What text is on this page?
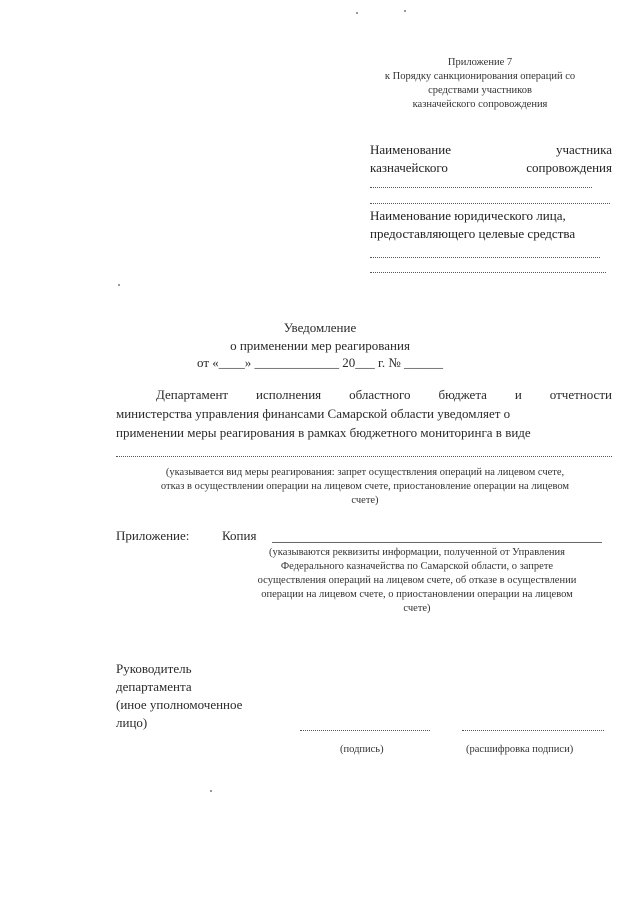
Приложение 7
к Порядку санкционирования операций со
средствами участников
казначейского сопровождения
Наименование	участника
казначейского	сопровождения
Наименование юридического лица,
предоставляющего целевые средства
Уведомление
о применении мер реагирования
от «____» _____________ 20___ г. № ______
Департамент исполнения областного бюджета и отчетности
министерства управления финансами Самарской области уведомляет о
применении меры реагирования в рамках бюджетного мониторинга в виде
(указывается вид меры реагирования: запрет осуществления операций на лицевом счете,
отказ в осуществлении операции на лицевом счете, приостановление операции на лицевом
счете)
Приложение:	Копия
(указываются реквизиты информации, полученной от Управления
Федерального казначейства по Самарской области, о запрете
осуществления операций на лицевом счете, об отказе в осуществлении
операции на лицевом счете, о приостановлении операции на лицевом
счете)
Руководитель
департамента
(иное уполномоченное
лицо)
(подпись)	(расшифровка подписи)
